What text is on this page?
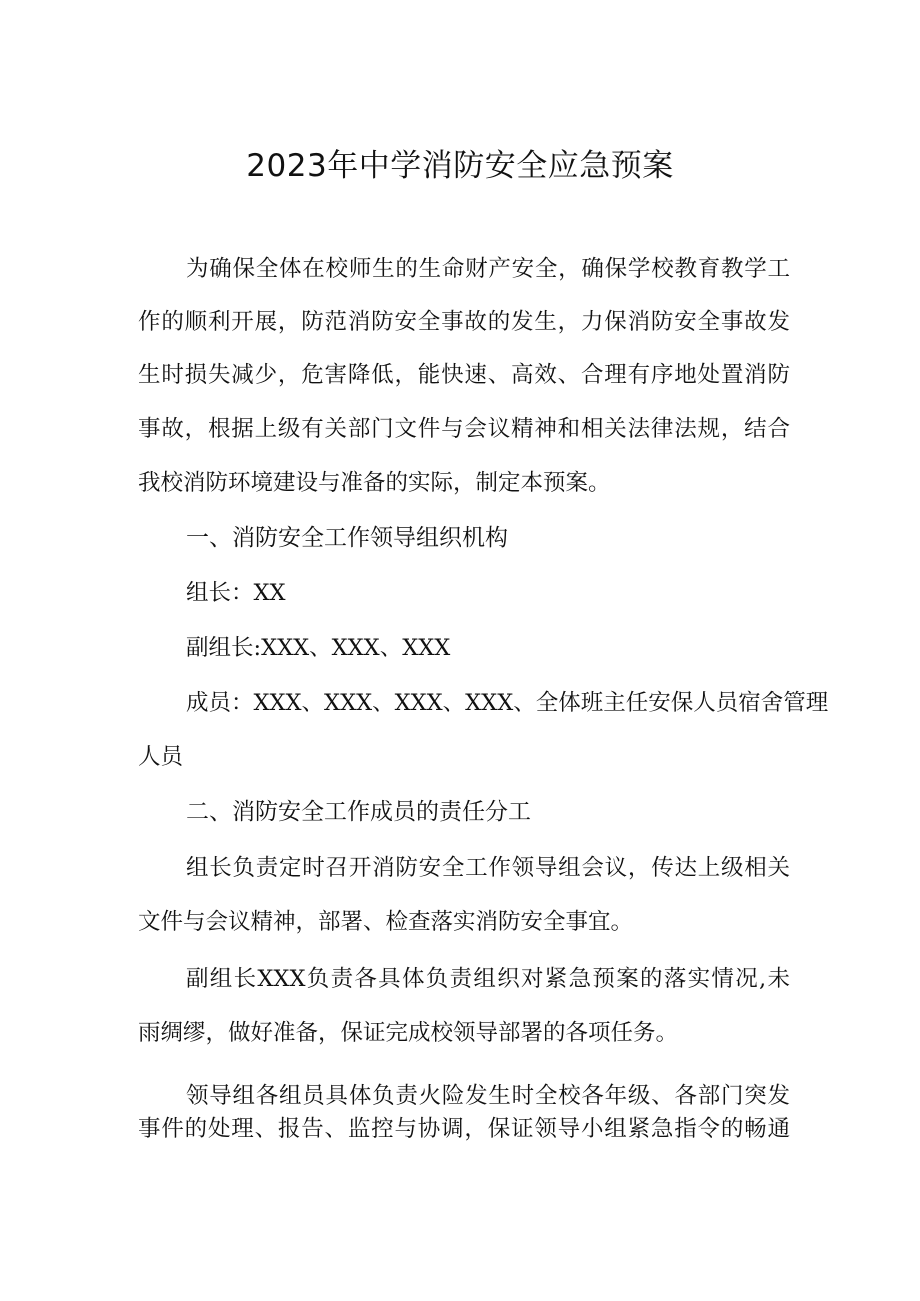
2023年中学消防安全应急预案

为确保全体在校师生的生命财产安全，确保学校教育教学工

作的顺利开展，防范消防安全事故的发生，力保消防安全事故发

生时损失减少，危害降低，能快速、高效、合理有序地处置消防

事故，根据上级有关部门文件与会议精神和相关法律法规，结合

我校消防环境建设与准备的实际，制定本预案。

一、消防安全工作领导组织机构

组长：XX

副组长:XXX、XXX、XXX

成员：XXX、XXX、XXX、XXX、全体班主任安保人员宿舍管理

人员

二、消防安全工作成员的责任分工

组长负责定时召开消防安全工作领导组会议，传达上级相关

文件与会议精神，部署、检查落实消防安全事宜。

副组长XXX负责各具体负责组织对紧急预案的落实情况,未

雨绸缪，做好准备，保证完成校领导部署的各项任务。

领导组各组员具体负责火险发生时全校各年级、各部门突发

事件的处理、报告、监控与协调，保证领导小组紧急指令的畅通
